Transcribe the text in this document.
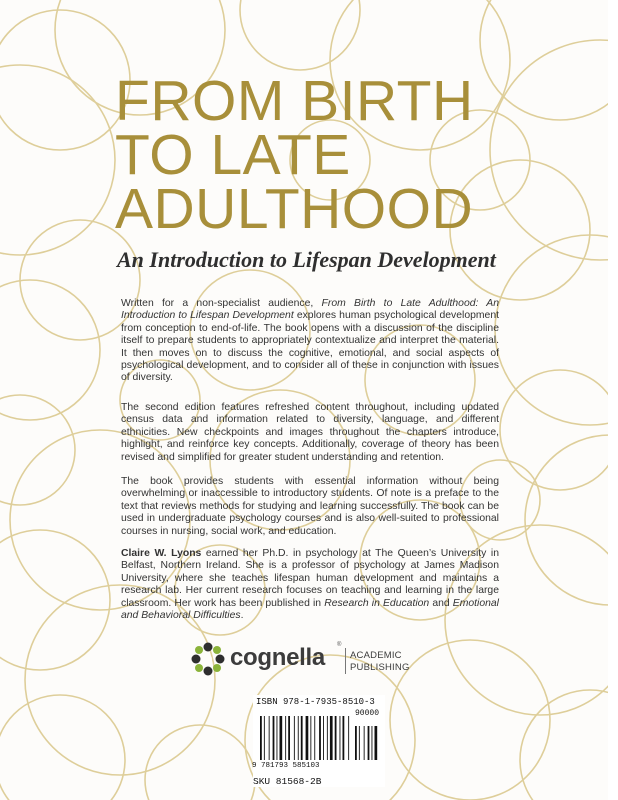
FROM BIRTH
TO LATE
ADULTHOOD
An Introduction to Lifespan Development

Written for a non-specialist audience, From Birth to Late Adulthood: An Introduction to Lifespan Development explores human psychological development from conception to end-of-life. The book opens with a discussion of the discipline itself to prepare students to appropriately contextualize and interpret the material. It then moves on to discuss the cognitive, emotional, and social aspects of psychological development, and to consider all of these in conjunction with issues of diversity.

The second edition features refreshed content throughout, including updated census data and information related to diversity, language, and different ethnicities. New checkpoints and images throughout the chapters introduce, highlight, and reinforce key concepts. Additionally, coverage of theory has been revised and simplified for greater student understanding and retention.

The book provides students with essential information without being overwhelming or inaccessible to introductory students. Of note is a preface to the text that reviews methods for studying and learning successfully. The book can be used in undergraduate psychology courses and is also well-suited to professional courses in nursing, social work, and education.

Claire W. Lyons earned her Ph.D. in psychology at The Queen’s University in Belfast, Northern Ireland. She is a professor of psychology at James Madison University, where she teaches lifespan human development and maintains a research lab. Her current research focuses on teaching and learning in the large classroom. Her work has been published in Research in Education and Emotional and Behavioral Difficulties.

cognella ®
ACADEMIC
PUBLISHING
ISBN 978-1-7935-8510-3
90000
9 781793 585103
SKU 81568-2B
